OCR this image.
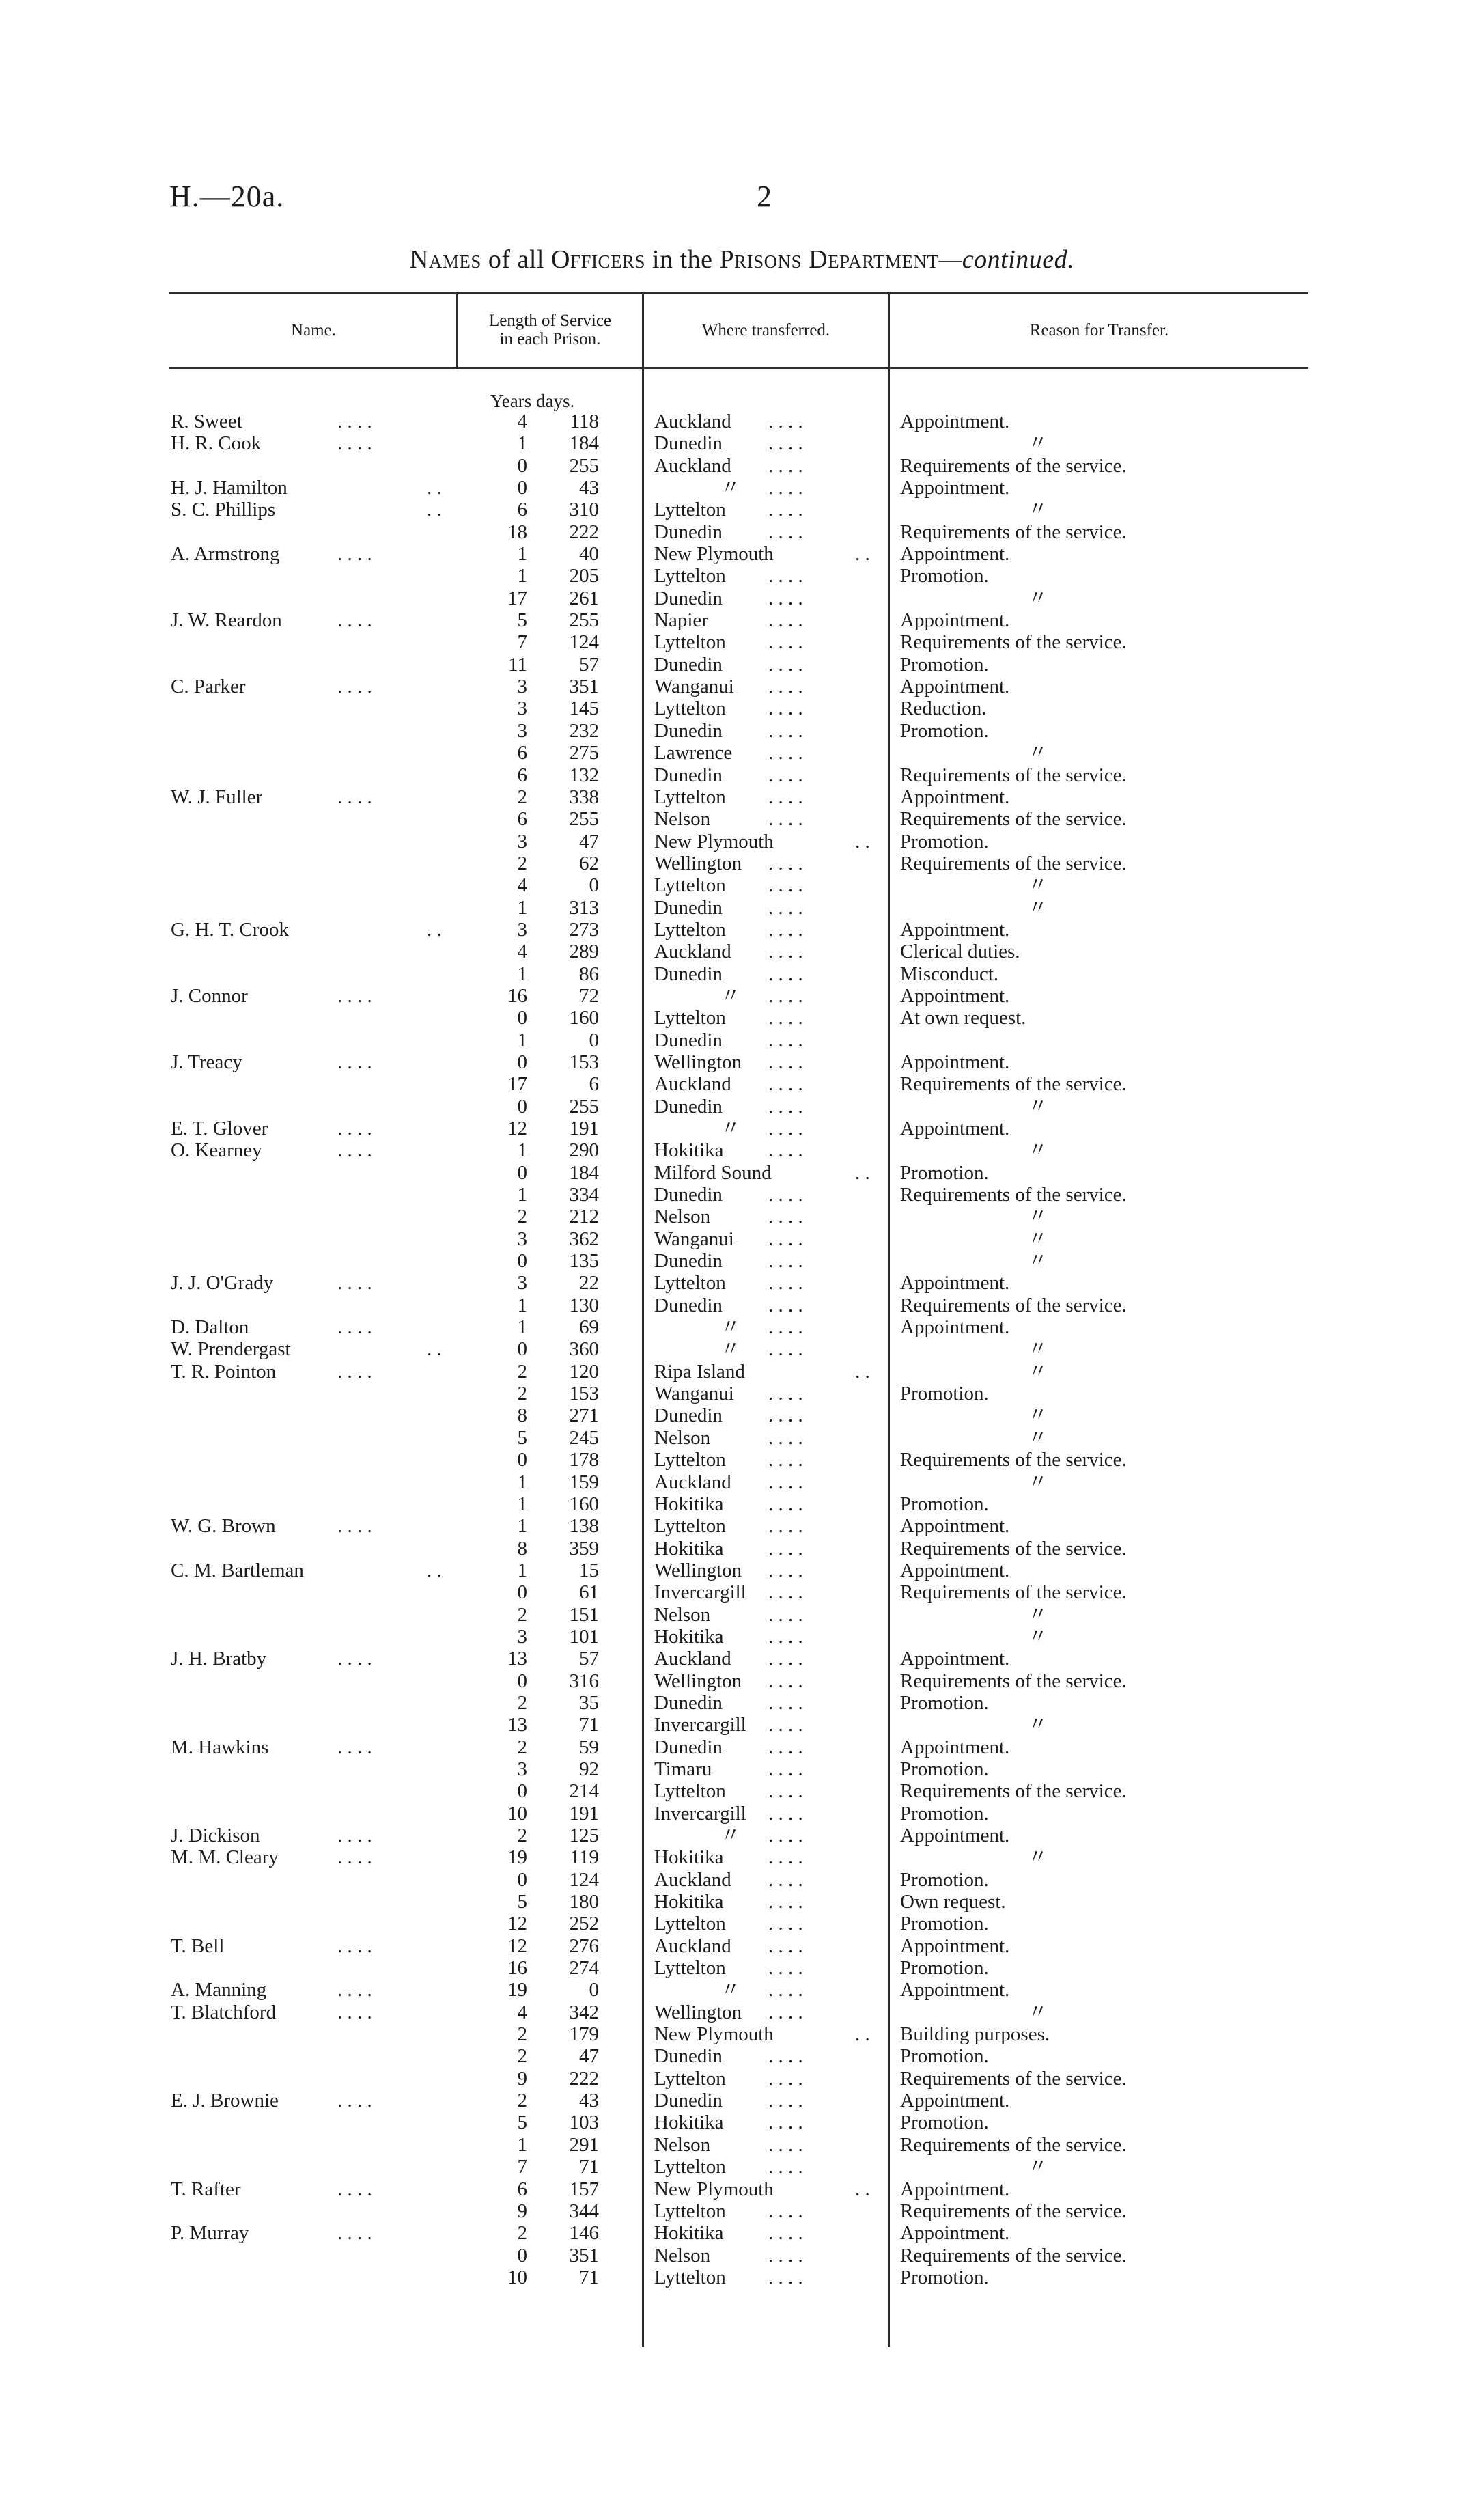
H.—20a.	2
Names of all Officers in the Prisons Department—continued.
Name.
Length of Service
in each Prison.	Where transferred.	Reason for Transfer.
Years days.
R. Sweet	. . . .	4	118	Auckland . . . .	Appointment.
H. R. Cook	. . . .	1	184	Dunedin . . . .	〃
0	255	Auckland . . . .	Requirements of the service.
H. J. Hamilton	. .	0	43	〃 . . . .	Appointment.
S. C. Phillips	. .	6	310	Lyttelton . . . .	〃
18	222	Dunedin . . . .	Requirements of the service.
A. Armstrong	. . . .	1	40	New Plymouth	. . Appointment.
1	205	Lyttelton . . . .	Promotion.
17	261	Dunedin . . . .	〃
J. W. Reardon	. . . .	5	255	Napier	. . . .	Appointment.
7	124	Lyttelton . . . .	Requirements of the service.
11	57	Dunedin . . . .	Promotion.
C. Parker	. . . .	3	351	Wanganui . . . .	Appointment.
3	145	Lyttelton . . . .	Reduction.
3	232	Dunedin . . . .	Promotion.
6	275	Lawrence . . . .	〃
6	132	Dunedin . . . .	Requirements of the service.
W. J. Fuller	. . . .	2	338	Lyttelton . . . .	Appointment.
6	255	Nelson	. . . .	Requirements of the service.
3	47	New Plymouth	. . Promotion.
2	62	Wellington . . . .	Requirements of the service.
4	0	Lyttelton . . . .	〃
1	313	Dunedin . . . .	〃
G. H. T. Crook	. .	3	273	Lyttelton . . . .	Appointment.
4	289	Auckland . . . .	Clerical duties.
1	86	Dunedin . . . .	Misconduct.
J. Connor	. . . .	16	72	〃 . . . .	Appointment.
0	160	Lyttelton . . . .	At own request.
1	0	Dunedin . . . .
J. Treacy	. . . .	0	153	Wellington . . . .	Appointment.
17	6	Auckland . . . .	Requirements of the service.
0	255	Dunedin . . . .	〃
E. T. Glover	. . . .	12	191	〃 . . . .	Appointment.
O. Kearney	. . . .	1	290	Hokitika . . . .	〃
0	184	Milford Sound	. . Promotion.
1	334	Dunedin . . . .	Requirements of the service.
2	212	Nelson	. . . .	〃
3	362	Wanganui . . . .	〃
0	135	Dunedin . . . .	〃
J. J. O'Grady	. . . .	3	22	Lyttelton . . . .	Appointment.
1	130	Dunedin . . . .	Requirements of the service.
D. Dalton	. . . .	1	69	〃 . . . .	Appointment.
W. Prendergast	. .	0	360	〃 . . . .	〃
T. R. Pointon	. . . .	2	120	Ripa Island	. .	〃
2	153	Wanganui . . . .	Promotion.
8	271	Dunedin . . . .	〃
5	245	Nelson	. . . .	〃
0	178	Lyttelton . . . .	Requirements of the service.
1	159	Auckland . . . .	〃
1	160	Hokitika . . . .	Promotion.
W. G. Brown	. . . .	1	138	Lyttelton . . . .	Appointment.
8	359	Hokitika . . . .	Requirements of the service.
C. M. Bartleman	. .	1	15	Wellington . . . .	Appointment.
0	61	Invercargill . . . .	Requirements of the service.
2	151	Nelson	. . . .	〃
3	101	Hokitika . . . .	〃
J. H. Bratby	. . . .	13	57	Auckland . . . .	Appointment.
0	316	Wellington . . . .	Requirements of the service.
2	35	Dunedin . . . .	Promotion.
13	71	Invercargill . . . .	〃
M. Hawkins	. . . .	2	59	Dunedin . . . .	Appointment.
3	92	Timaru	. . . .	Promotion.
0	214	Lyttelton . . . .	Requirements of the service.
10	191	Invercargill . . . .	Promotion.
J. Dickison	. . . .	2	125	〃 . . . .	Appointment.
M. M. Cleary	. . . .	19	119	Hokitika . . . .	〃
0	124	Auckland . . . .	Promotion.
5	180	Hokitika . . . .	Own request.
12	252	Lyttelton . . . .	Promotion.
T. Bell	. . . .	12	276	Auckland . . . .	Appointment.
16	274	Lyttelton . . . .	Promotion.
A. Manning	. . . .	19	0	〃 . . . .	Appointment.
T. Blatchford	. . . .	4	342	Wellington . . . .	〃
2	179	New Plymouth	. . Building purposes.
2	47	Dunedin . . . .	Promotion.
9	222	Lyttelton . . . .	Requirements of the service.
E. J. Brownie	. . . .	2	43	Dunedin . . . .	Appointment.
5	103	Hokitika . . . .	Promotion.
1	291	Nelson	. . . .	Requirements of the service.
7	71	Lyttelton . . . .	〃
T. Rafter	. . . .	6	157	New Plymouth	. . Appointment.
9	344	Lyttelton . . . .	Requirements of the service.
P. Murray	. . . .	2	146	Hokitika . . . .	Appointment.
0	351	Nelson	. . . .	Requirements of the service.
10	71	Lyttelton . . . .	Promotion.
